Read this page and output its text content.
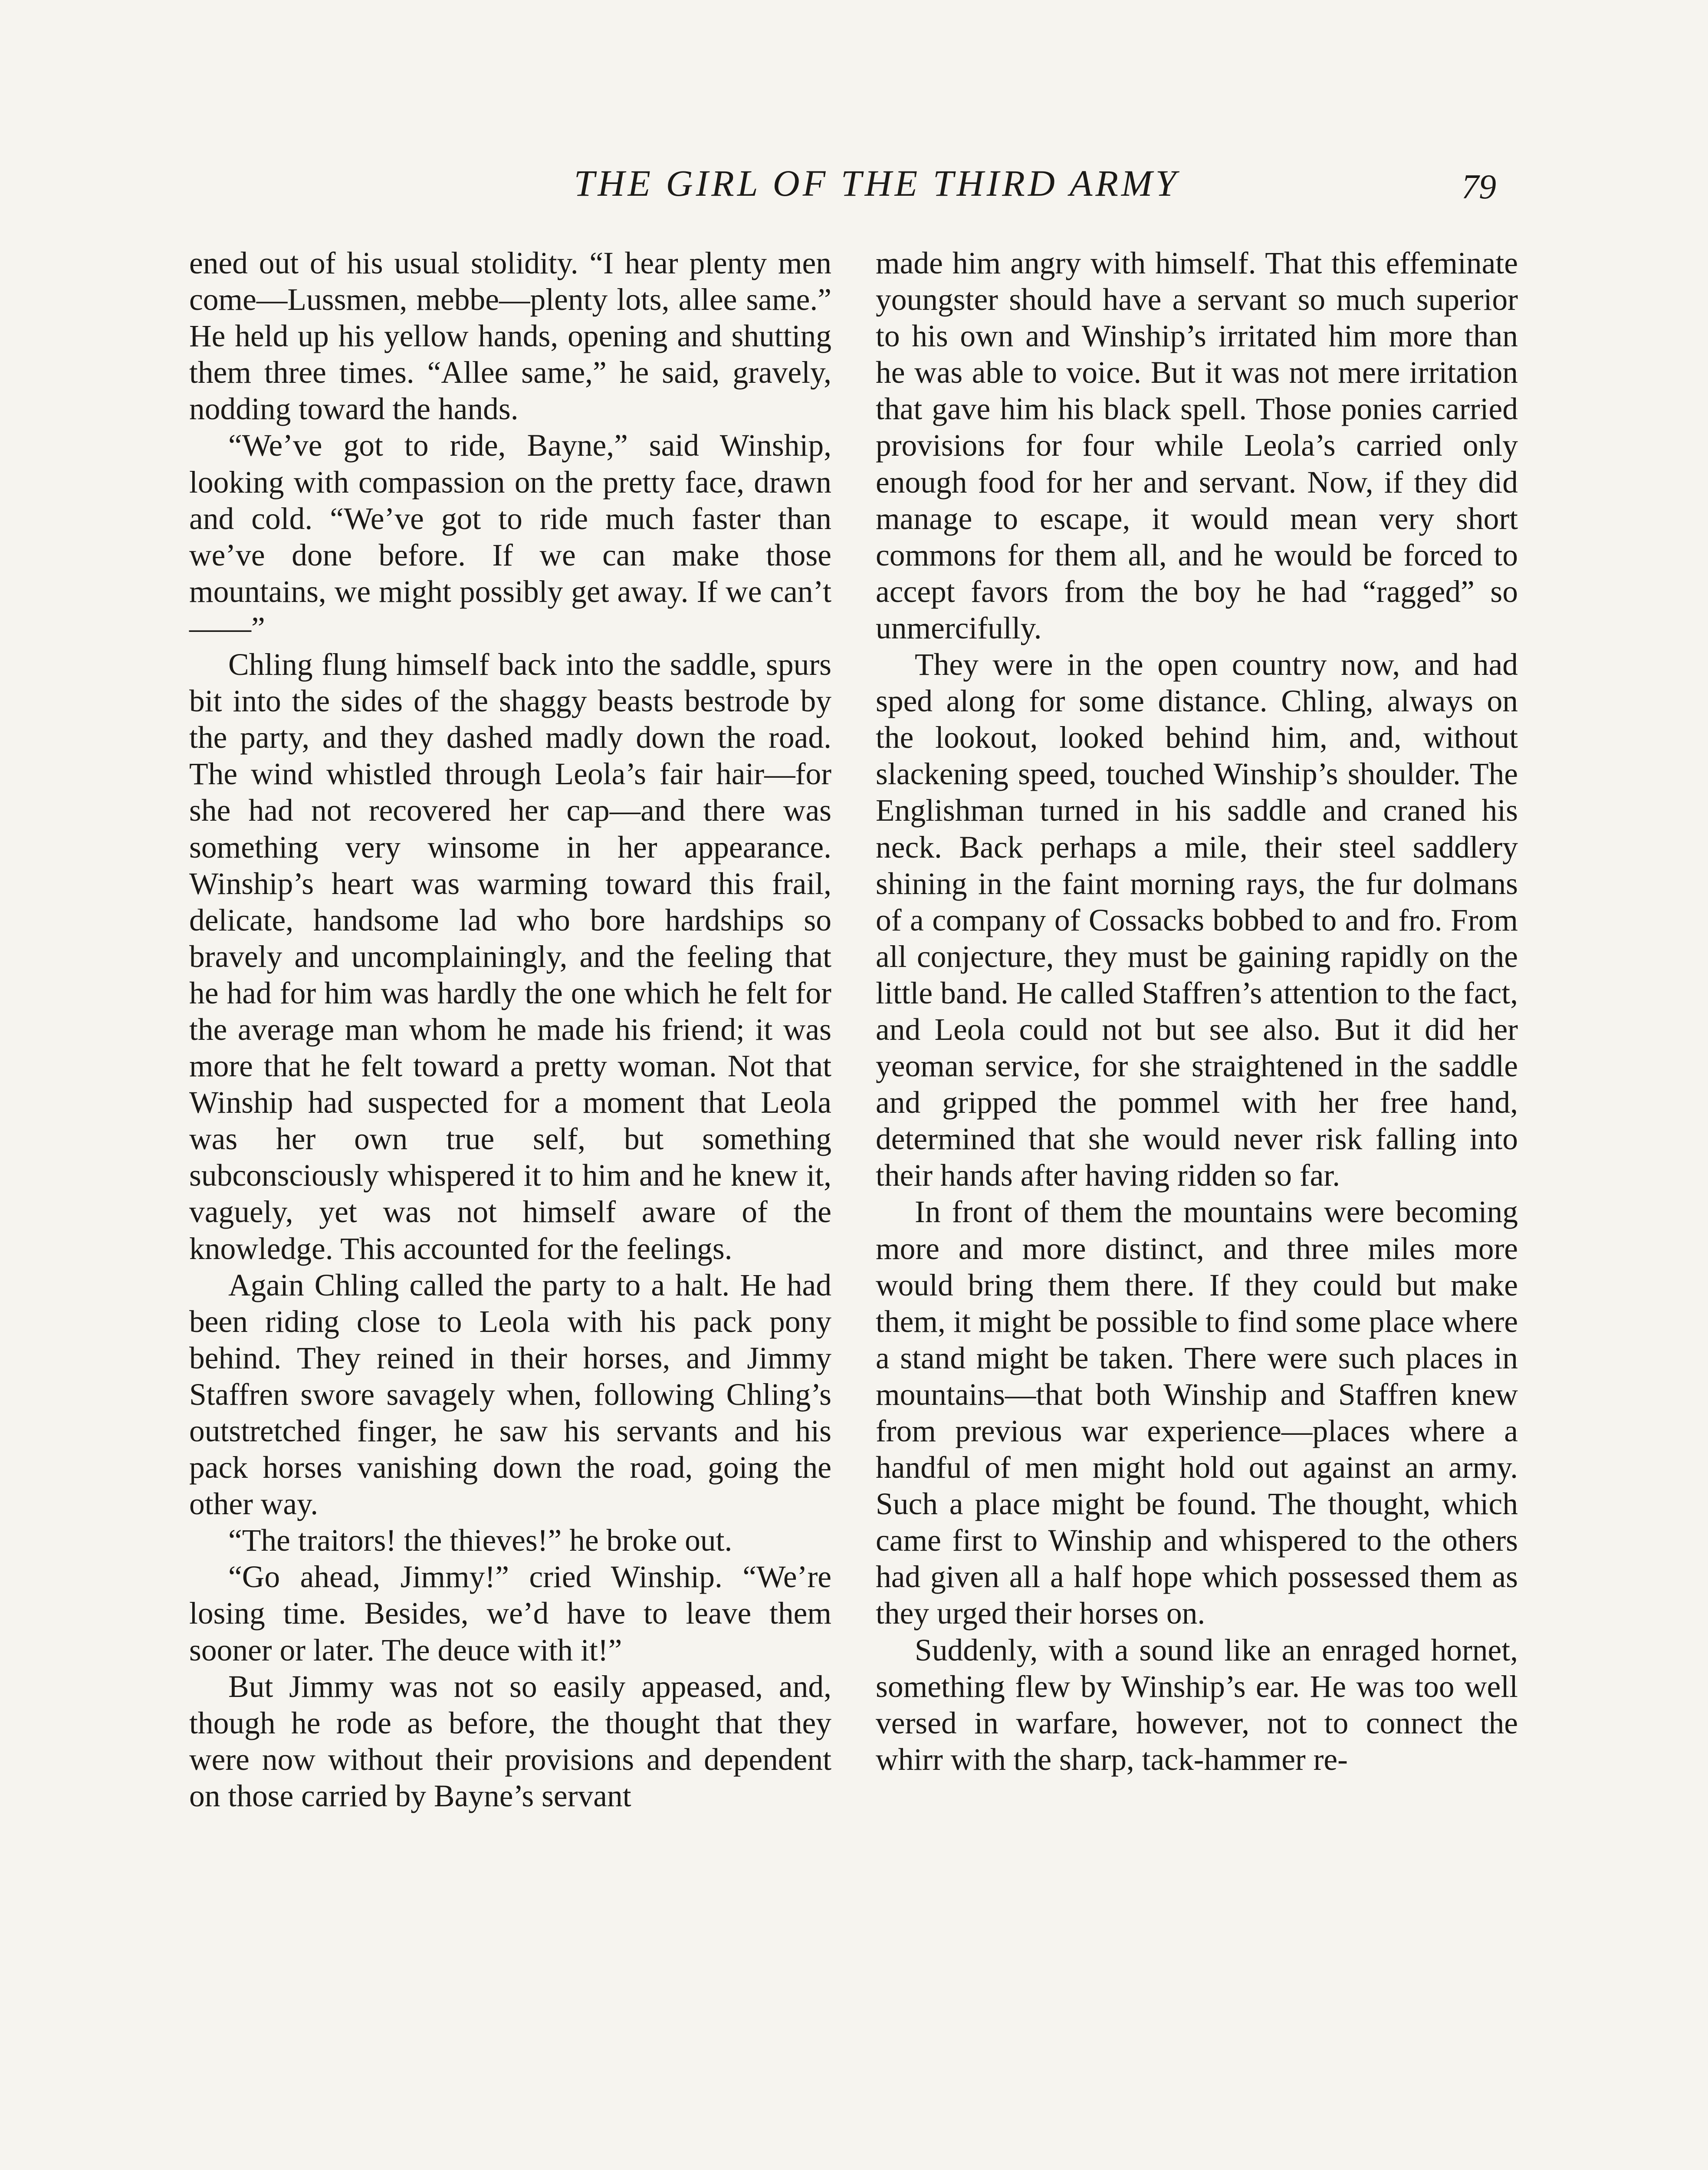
THE GIRL OF THE THIRD ARMY	79

ened out of his usual stolidity. “I hear plenty men come—Lussmen, mebbe—plenty lots, allee same.” He held up his yellow hands, opening and shutting them three times. “Allee same,” he said, gravely, nodding toward the hands.

“We’ve got to ride, Bayne,” said Winship, looking with compassion on the pretty face, drawn and cold. “We’ve got to ride much faster than we’ve done before. If we can make those mountains, we might possibly get away. If we can’t——”

Chling flung himself back into the saddle, spurs bit into the sides of the shaggy beasts bestrode by the party, and they dashed madly down the road. The wind whistled through Leola’s fair hair—for she had not recovered her cap—and there was something very winsome in her appearance. Winship’s heart was warming toward this frail, delicate, handsome lad who bore hardships so bravely and uncomplainingly, and the feeling that he had for him was hardly the one which he felt for the average man whom he made his friend; it was more that he felt toward a pretty woman. Not that Winship had suspected for a moment that Leola was her own true self, but something subconsciously whispered it to him and he knew it, vaguely, yet was not himself aware of the knowledge. This accounted for the feelings.

Again Chling called the party to a halt. He had been riding close to Leola with his pack pony behind. They reined in their horses, and Jimmy Staffren swore savagely when, following Chling’s outstretched finger, he saw his servants and his pack horses vanishing down the road, going the other way.

“The traitors! the thieves!” he broke out.

“Go ahead, Jimmy!” cried Winship. “We’re losing time. Besides, we’d have to leave them sooner or later. The deuce with it!”

But Jimmy was not so easily appeased, and, though he rode as before, the thought that they were now without their provisions and dependent on those carried by Bayne’s servant

made him angry with himself. That this effeminate youngster should have a servant so much superior to his own and Winship’s irritated him more than he was able to voice. But it was not mere irritation that gave him his black spell. Those ponies carried provisions for four while Leola’s carried only enough food for her and servant. Now, if they did manage to escape, it would mean very short commons for them all, and he would be forced to accept favors from the boy he had “ragged” so unmercifully.

They were in the open country now, and had sped along for some distance. Chling, always on the lookout, looked behind him, and, without slackening speed, touched Winship’s shoulder. The Englishman turned in his saddle and craned his neck. Back perhaps a mile, their steel saddlery shining in the faint morning rays, the fur dolmans of a company of Cossacks bobbed to and fro. From all conjecture, they must be gaining rapidly on the little band. He called Staffren’s attention to the fact, and Leola could not but see also. But it did her yeoman service, for she straightened in the saddle and gripped the pommel with her free hand, determined that she would never risk falling into their hands after having ridden so far.

In front of them the mountains were becoming more and more distinct, and three miles more would bring them there. If they could but make them, it might be possible to find some place where a stand might be taken. There were such places in mountains—that both Winship and Staffren knew from previous war experience—places where a handful of men might hold out against an army. Such a place might be found. The thought, which came first to Winship and whispered to the others had given all a half hope which possessed them as they urged their horses on.

Suddenly, with a sound like an enraged hornet, something flew by Winship’s ear. He was too well versed in warfare, however, not to connect the whirr with the sharp, tack-hammer re-
